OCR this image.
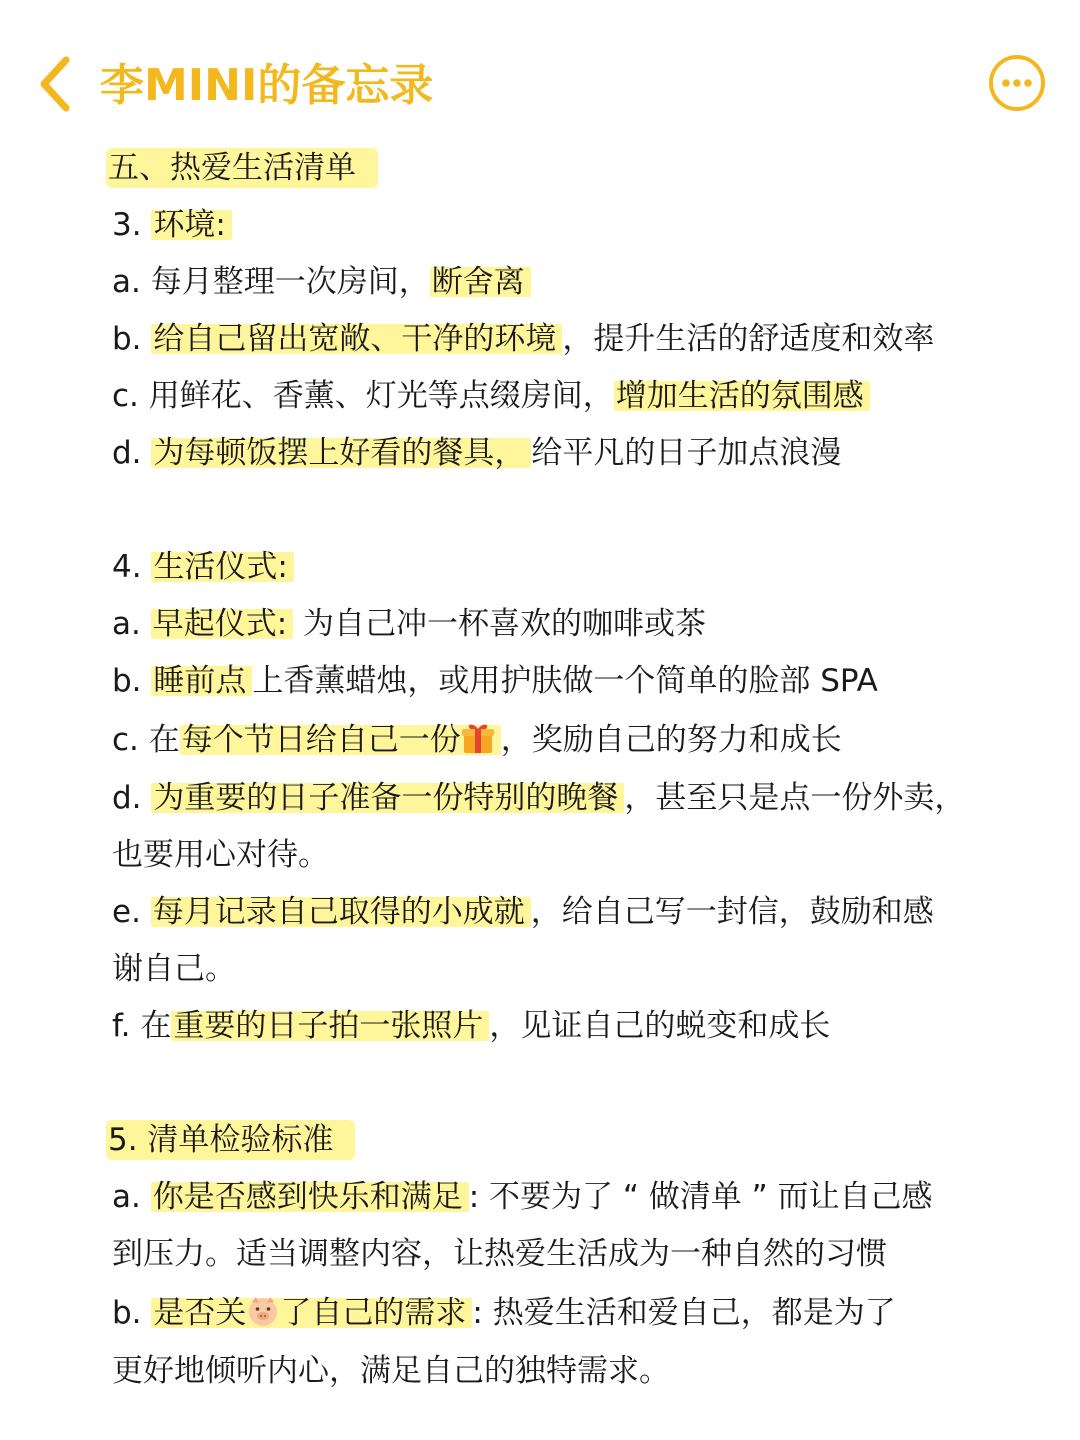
李MINI的备忘录
五、热爱生活清单
3. 环境:
a. 每月整理一次房间，断舍离
b. 给自己留出宽敞、干净的环境 ，提升生活的舒适度和效率
c. 用鲜花、香薰、灯光等点缀房间，增加生活的氛围感
d. 为每顿饭摆上好看的餐具， 给平凡的日子加点浪漫
4. 生活仪式:
a. 早起仪式: 为自己冲一杯喜欢的咖啡或茶
b. 睡前点 上香薰蜡烛，或用护肤做一个简单的脸部 SPA
c. 在每个节日给自己一份 ，奖励自己的努力和成长
d. 为重要的日子准备一份特别的晚餐 ，甚至只是点一份外卖，
也要用心对待。
e. 每月记录自己取得的小成就 ，给自己写一封信，鼓励和感
谢自己。
f. 在重要的日子拍一张照片 ，见证自己的蜕变和成长
5. 清单检验标准
a. 你是否感到快乐和满足 : 不要为了 “ 做清单 ” 而让自己感
到压力。适当调整内容，让热爱生活成为一种自然的习惯
b. 是否关 了自己的需求 : 热爱生活和爱自己，都是为了
更好地倾听内心，满足自己的独特需求。
